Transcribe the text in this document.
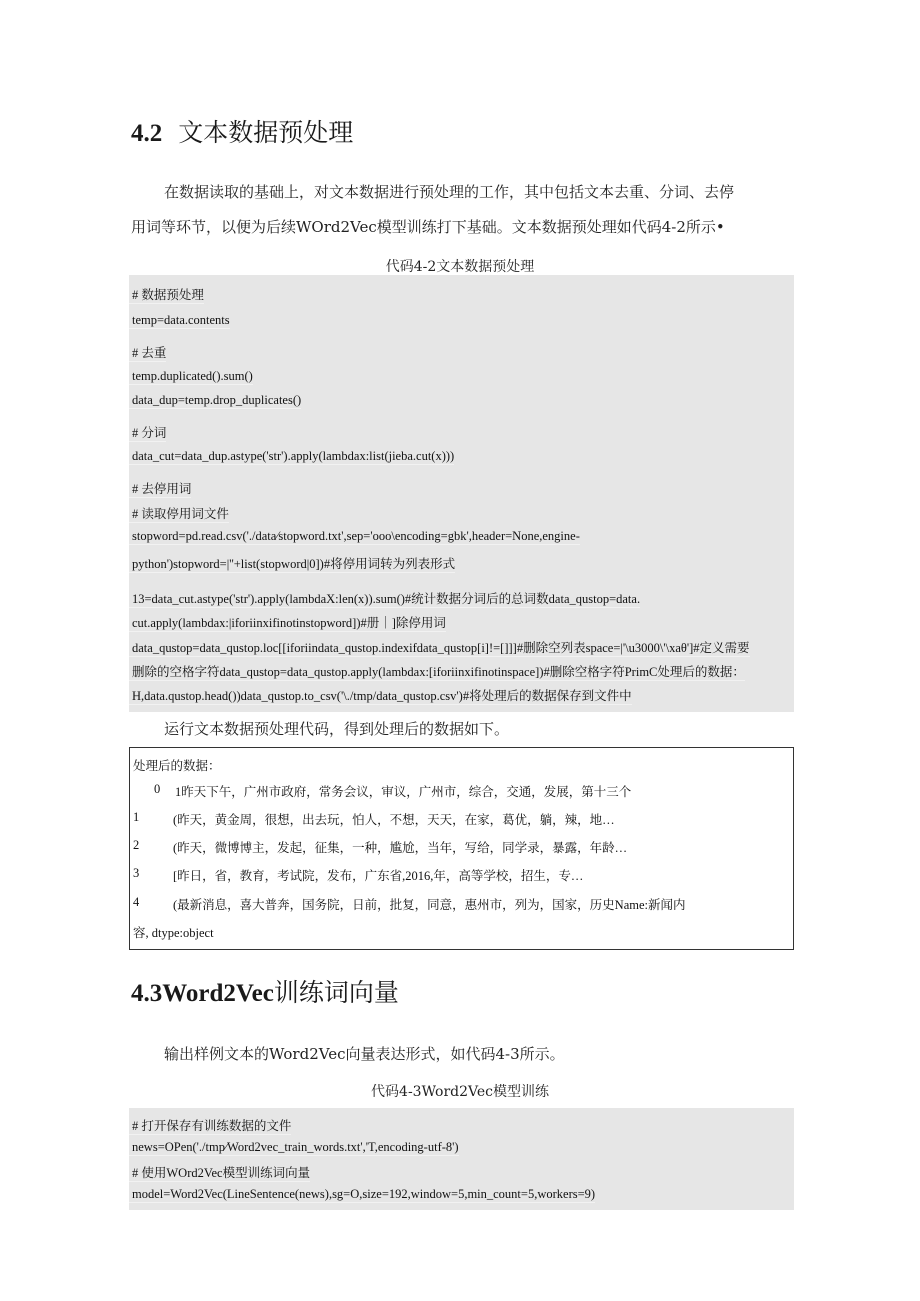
4.2 文本数据预处理
在数据读取的基础上，对文本数据进行预处理的工作，其中包括文本去重、分词、去停
用词等环节，以便为后续WOrd2Vec模型训练打下基础。文本数据预处理如代码4-2所示•
代码4-2文本数据预处理
# 数据预处理
temp=data.contents
# 去重
temp.duplicated().sum()
data_dup=temp.drop_duplicates()
# 分词
data_cut=data_dup.astype('str').apply(lambdax:list(jieba.cut(x)))
# 去停用词
# 读取停用词文件
stopword=pd.read.csv('./data⁄stopword.txt',sep='ooo\encoding=gbk',header=None,engine-
python')stopword=|''+list(stopword|0])#将停用词转为列表形式
13=data_cut.astype('str').apply(lambdaX:len(x)).sum()#统计数据分词后的总词数data_qustop=data.
cut.apply(lambdax:|iforiinxifinotinstopword])#册｜]除停用词
data_qustop=data_qustop.loc[[iforiindata_qustop.indexifdata_qustop[i]!=[]]]#删除空列表space=|'\u3000\'\xaθ']#定义需要
删除的空格字符data_qustop=data_qustop.apply(lambdax:[iforiinxifinotinspace])#删除空格字符PrimC处理后的数据：
H,data.qustop.head())data_qustop.to_csv('\./tmp/data_qustop.csv')#将处理后的数据保存到文件中
运行文本数据预处理代码，得到处理后的数据如下。
处理后的数据：
0 1昨天下午，广州市政府，常务会议，审议，广州市，综合，交通，发展，第十三个
1	(昨天，黄金周，很想，出去玩，怕人，不想，天天，在家，葛优，躺，辣，地…
2	(昨天，微博博主，发起，征集，一种，尴尬，当年，写给，同学录，暴露，年龄…
3	[昨日，省，教育，考试院，发布，广东省,2016,年，高等学校，招生，专…
4	(最新消息，喜大普奔，国务院，日前，批复，同意，惠州市，列为，国家，历史Name:新闻内
容, dtype:object
4.3Word2Vec训练词向量
输出样例文本的Word2Vec向量表达形式，如代码4-3所示。
代码4-3Word2Vec模型训练
# 打开保存有训练数据的文件
news=OPen('./tmp⁄Word2vec_train_words.txt','T,encoding-utf-8')
# 使用WOrd2Vec模型训练词向量
model=Word2Vec(LineSentence(news),sg=O,size=192,window=5,min_count=5,workers=9)
